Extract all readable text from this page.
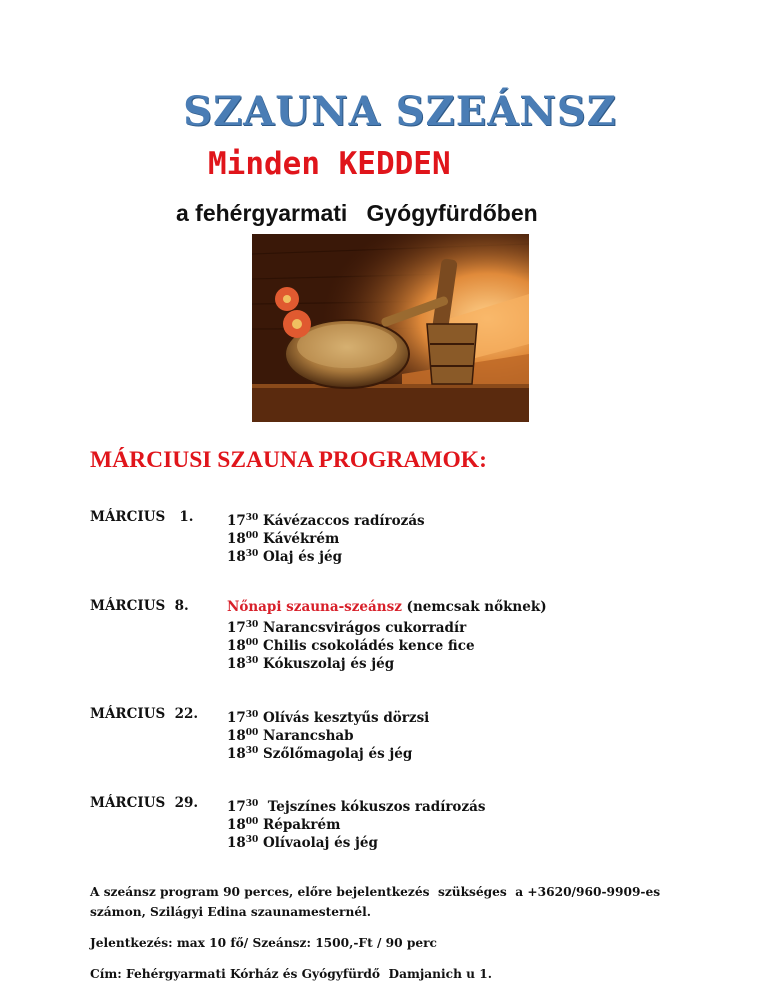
SZAUNA SZEÁNSZ
Minden KEDDEN
a fehérgyarmati   Gyógyfürdőben
MÁRCIUSI SZAUNA PROGRAMOK:
MÁRCIUS   1. $17^{30}$ Kávézaccos radírozás
$18^{00}$ Kávékrém
$18^{30}$ Olaj és jég
MÁRCIUS  8.	Nőnapi szauna-szeánsz (nemcsak nőknek)
$17^{30}$ Narancsvirágos cukorradír
$18^{00}$ Chilis csokoládés kence fice
$18^{30}$ Kókuszolaj és jég
MÁRCIUS  22. $17^{30}$ Olívás kesztyűs dörzsi
$18^{00}$ Narancshab
$18^{30}$ Szőlőmagolaj és jég
MÁRCIUS  29. $17^{30}$  Tejszínes kókuszos radírozás
$18^{00}$ Répakrém
$18^{30}$ Olívaolaj és jég
A szeánsz program 90 perces, előre bejelentkezés  szükséges  a +3620/960-9909-es
számon, Szilágyi Edina szaunamesternél.
Jelentkezés: max 10 fő/ Szeánsz: 1500,-Ft / 90 perc
Cím: Fehérgyarmati Kórház és Gyógyfürdő  Damjanich u 1.
